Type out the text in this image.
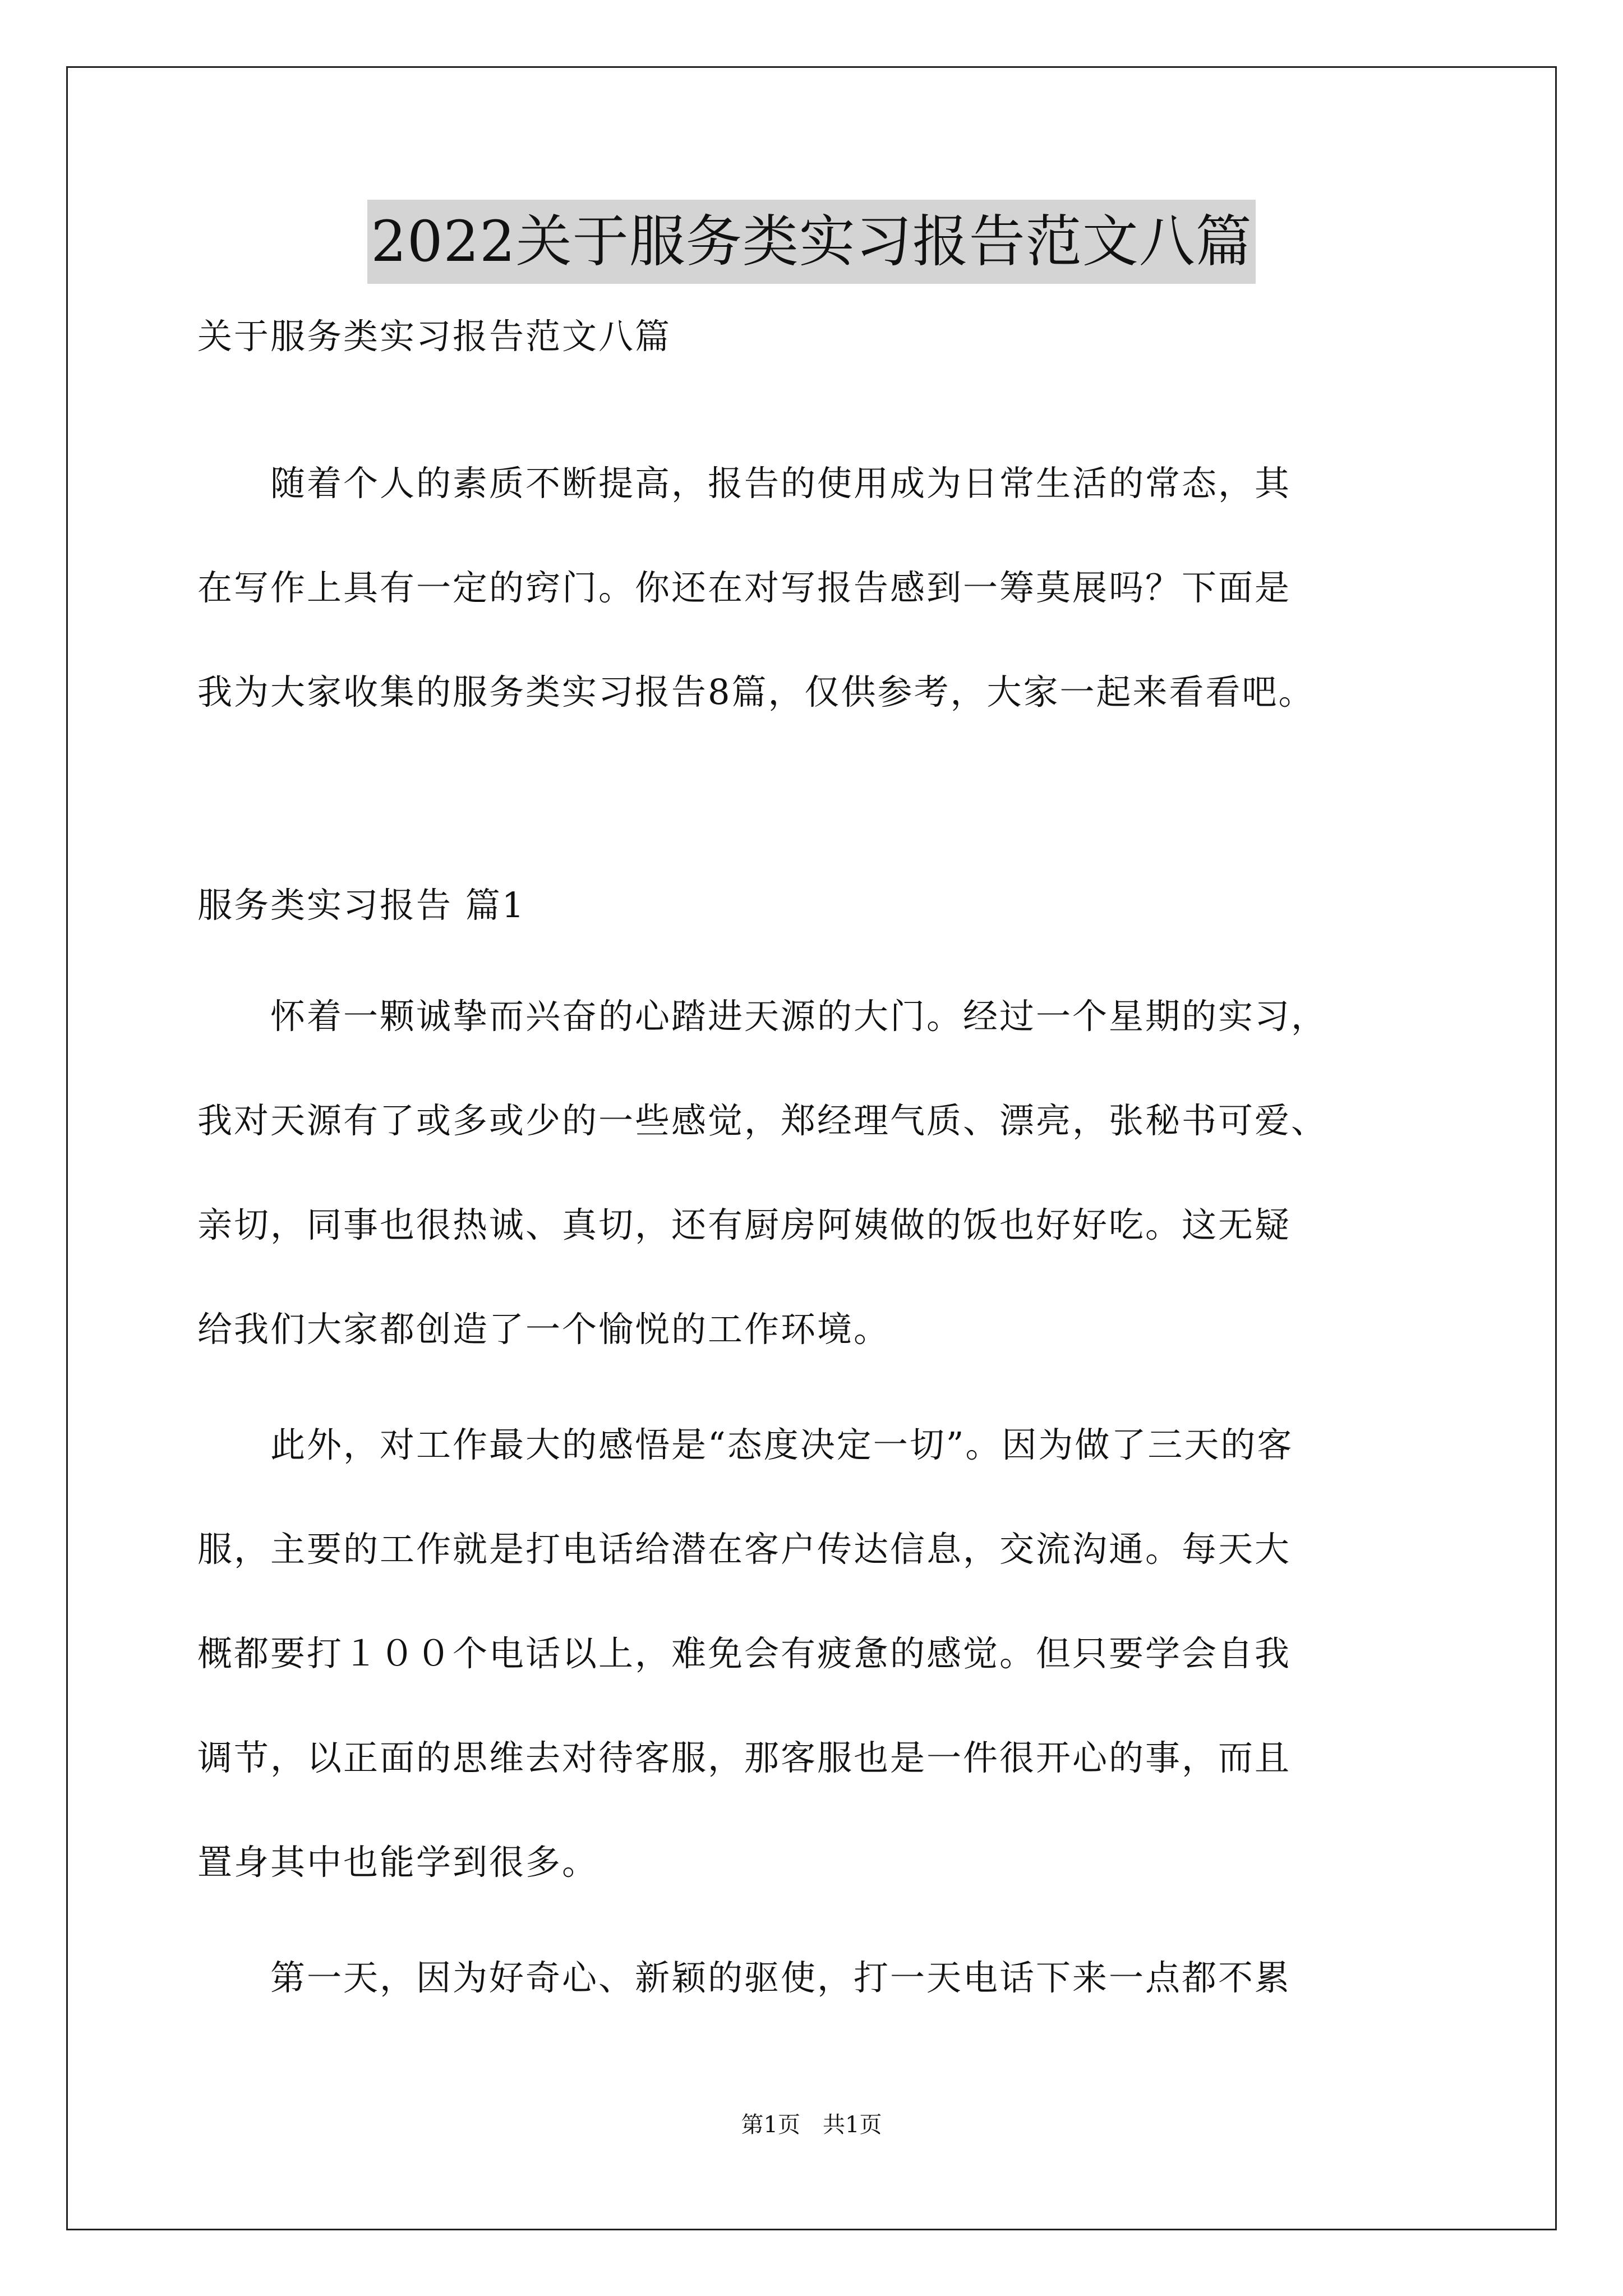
2022关于服务类实习报告范文八篇
关于服务类实习报告范文八篇
　　随着个人的素质不断提高，报告的使用成为日常生活的常态，其
在写作上具有一定的窍门。你还在对写报告感到一筹莫展吗？下面是
我为大家收集的服务类实习报告8篇，仅供参考，大家一起来看看吧。
服务类实习报告 篇1
　　怀着一颗诚挚而兴奋的心踏进天源的大门。经过一个星期的实习，
我对天源有了或多或少的一些感觉，郑经理气质、漂亮，张秘书可爱、
亲切，同事也很热诚、真切，还有厨房阿姨做的饭也好好吃。这无疑
给我们大家都创造了一个愉悦的工作环境。
　　此外，对工作最大的感悟是“态度决定一切”。因为做了三天的客
服，主要的工作就是打电话给潜在客户传达信息，交流沟通。每天大
概都要打１００个电话以上，难免会有疲惫的感觉。但只要学会自我
调节，以正面的思维去对待客服，那客服也是一件很开心的事，而且
置身其中也能学到很多。
　　第一天，因为好奇心、新颖的驱使，打一天电话下来一点都不累
第1页　共1页
